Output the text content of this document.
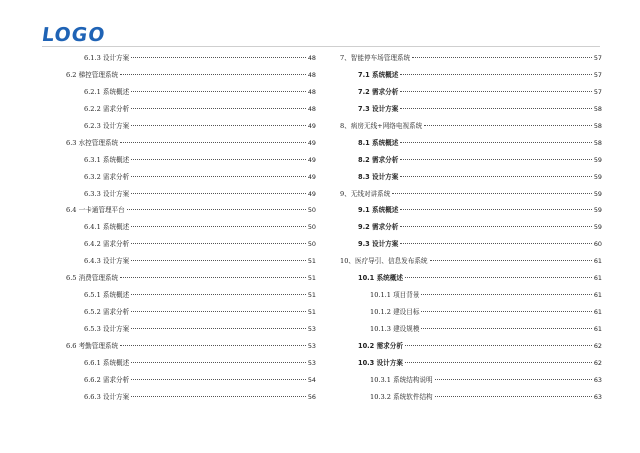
LOGO
6.1.3 设计方案	48
6.2 梯控管理系统	48
6.2.1 系统概述	48
6.2.2 需求分析	48
6.2.3 设计方案	49
6.3 水控管理系统	49
6.3.1 系统概述	49
6.3.2 需求分析	49
6.3.3 设计方案	49
6.4 一卡通管理平台	50
6.4.1 系统概述	50
6.4.2 需求分析	50
6.4.3 设计方案	51
6.5 消费管理系统	51
6.5.1 系统概述	51
6.5.2 需求分析	51
6.5.3 设计方案	53
6.6 考勤管理系统	53
6.6.1 系统概述	53
6.6.2 需求分析	54
6.6.3 设计方案	56
7、智能停车场管理系统	57
7.1 系统概述	57
7.2 需求分析	57
7.3 设计方案	58
8、病房无线+网络电视系统	58
8.1 系统概述	58
8.2 需求分析	59
8.3 设计方案	59
9、无线对讲系统	59
9.1 系统概述	59
9.2 需求分析	59
9.3 设计方案	60
10、医疗导引、信息发布系统	61
10.1 系统概述	61
10.1.1 项目背景	61
10.1.2 建设目标	61
10.1.3 建设规模	61
10.2 需求分析	62
10.3 设计方案	62
10.3.1 系统结构说明	63
10.3.2 系统软件结构	63
